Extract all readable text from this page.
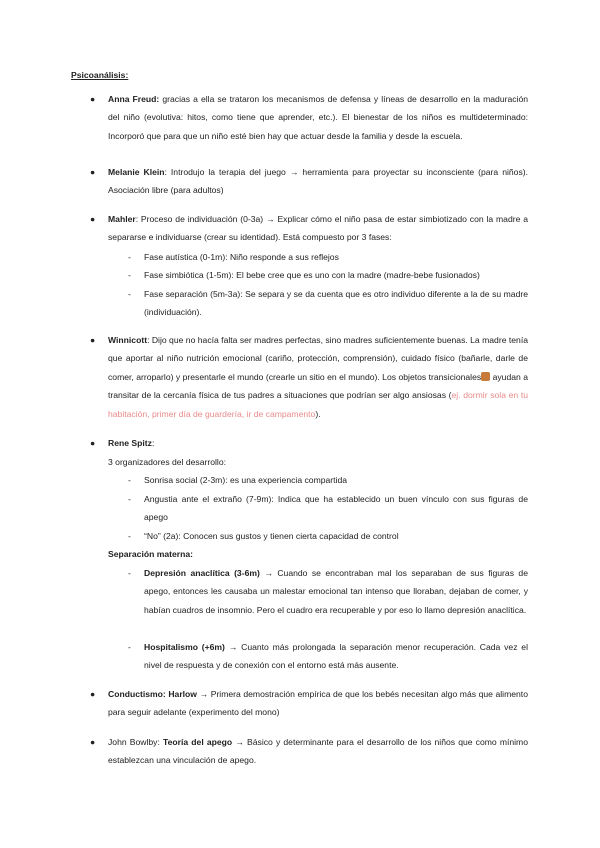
Psicoanálisis:
● Anna Freud: gracias a ella se trataron los mecanismos de defensa y líneas de desarrollo en la maduración del niño (evolutiva: hitos, como tiene que aprender, etc.). El bienestar de los niños es multideterminado: Incorporó que para que un niño esté bien hay que actuar desde la familia y desde la escuela.
● Melanie Klein: Introdujo la terapia del juego → herramienta para proyectar su inconsciente (para niños). Asociación libre (para adultos)
● Mahler: Proceso de individuación (0-3a) → Explicar cómo el niño pasa de estar simbiotizado con la madre a separarse e individuarse (crear su identidad). Está compuesto por 3 fases:
- Fase autística (0-1m): Niño responde a sus reflejos
- Fase simbiótica (1-5m): El bebe cree que es uno con la madre (madre-bebe fusionados)
- Fase separación (5m-3a): Se separa y se da cuenta que es otro individuo diferente a la de su madre (individuación).
● Winnicott: Dijo que no hacía falta ser madres perfectas, sino madres suficientemente buenas. La madre tenía que aportar al niño nutrición emocional (cariño, protección, comprensión), cuidado físico (bañarle, darle de comer, arroparlo) y presentarle el mundo (crearle un sitio en el mundo). Los objetos transicionales ayudan a transitar de la cercanía física de tus padres a situaciones que podrían ser algo ansiosas (ej. dormir sola en tu habitación, primer día de guardería, ir de campamento).
● Rene Spitz:
3 organizadores del desarrollo:
- Sonrisa social (2-3m): es una experiencia compartida
- Angustia ante el extraño (7-9m): Indica que ha establecido un buen vínculo con sus figuras de apego
- “No” (2a): Conocen sus gustos y tienen cierta capacidad de control
Separación materna:
- Depresión anaclítica (3-6m) → Cuando se encontraban mal los separaban de sus figuras de apego, entonces les causaba un malestar emocional tan intenso que lloraban, dejaban de comer, y habían cuadros de insomnio. Pero el cuadro era recuperable y por eso lo llamo depresión anaclítica.
- Hospitalismo (+6m) → Cuanto más prolongada la separación menor recuperación. Cada vez el nivel de respuesta y de conexión con el entorno está más ausente.
● Conductismo: Harlow → Primera demostración empírica de que los bebés necesitan algo más que alimento para seguir adelante (experimento del mono)
● John Bowlby: Teoría del apego → Básico y determinante para el desarrollo de los niños que como mínimo establezcan una vinculación de apego.
